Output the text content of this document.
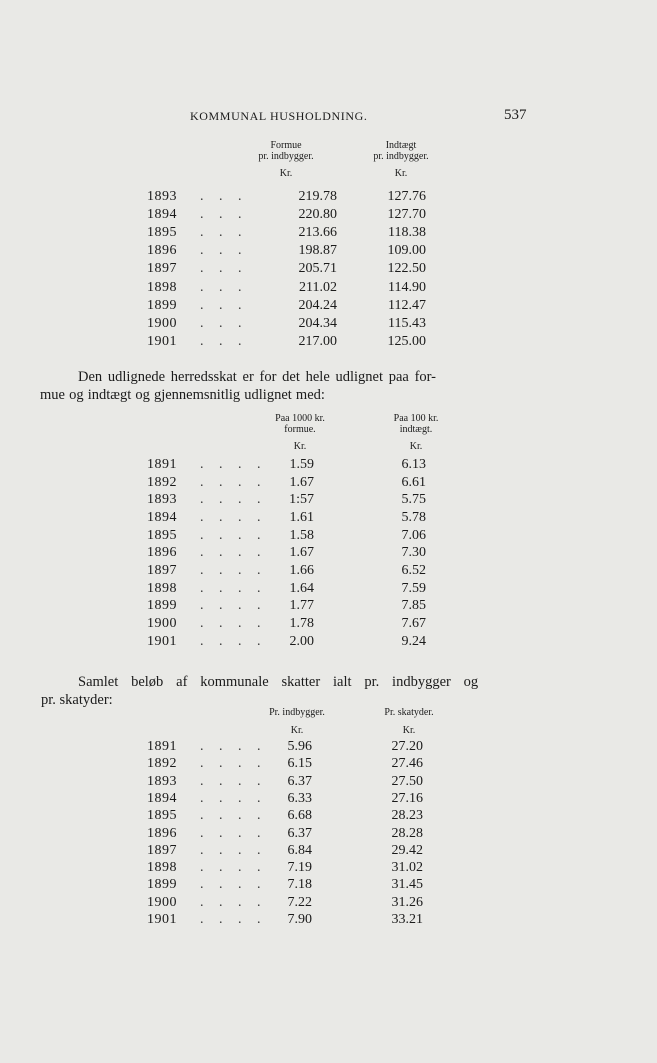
KOMMUNAL HUSHOLDNING.	537
Formue
pr. indbygger.
Kr.
Indtægt
pr. indbygger.
Kr.
1893 . . .	219.78	127.76
1894 . . .	220.80	127.70
1895 . . .	213.66	118.38
1896 . . .	198.87	109.00
1897 . . .	205.71	122.50
1898 . . .	211.02	114.90
1899 . . .	204.24	112.47
1900 . . .	204.34	115.43
1901 . . .	217.00	125.00
Den udlignede herredsskat er for det hele udlignet paa for-
mue og indtægt og gjennemsnitlig udlignet med:
Paa 1000 kr.
formue.
Kr.
Paa 100 kr.
indtægt.
Kr.
1891 . . . . 1.59	6.13
1892 . . . . 1.67	6.61
1893 . . . . 1:57	5.75
1894 . . . . 1.61	5.78
1895 . . . . 1.58	7.06
1896 . . . . 1.67	7.30
1897 . . . . 1.66	6.52
1898 . . . . 1.64	7.59
1899 . . . . 1.77	7.85
1900 . . . . 1.78	7.67
1901 . . . . 2.00	9.24
Samlet beløb af kommunale skatter ialt pr. indbygger og
pr. skatyder:
Pr. indbygger.
Kr.
Pr. skatyder.
Kr.
1891 . . . . 5.96	27.20
1892 . . . . 6.15	27.46
1893 . . . . 6.37	27.50
1894 . . . . 6.33	27.16
1895 . . . . 6.68	28.23
1896 . . . . 6.37	28.28
1897 . . . . 6.84	29.42
1898 . . . . 7.19	31.02
1899 . . . . 7.18	31.45
1900 . . . . 7.22	31.26
1901 . . . . 7.90	33.21
